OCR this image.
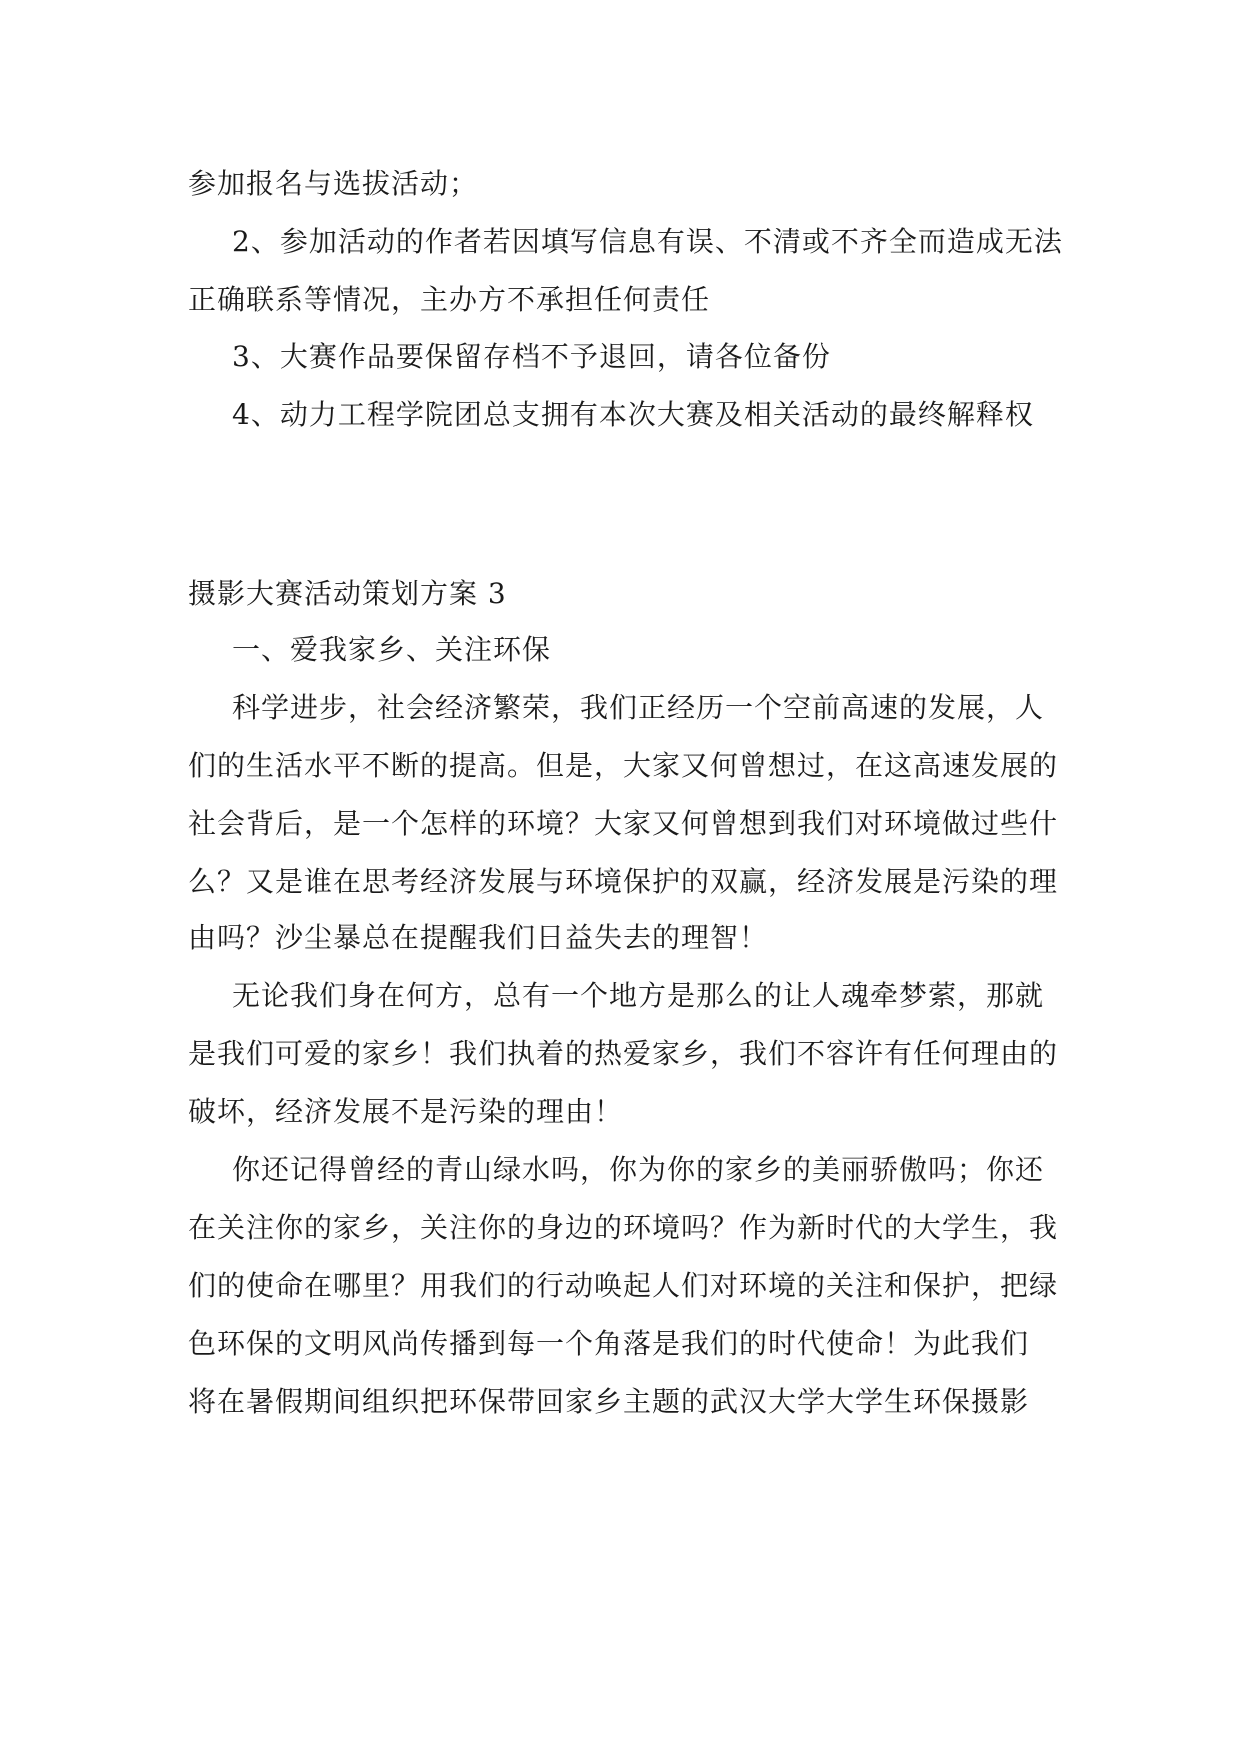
参加报名与选拔活动；
2、参加活动的作者若因填写信息有误、不清或不齐全而造成无法
正确联系等情况，主办方不承担任何责任
3、大赛作品要保留存档不予退回，请各位备份
4、动力工程学院团总支拥有本次大赛及相关活动的最终解释权
摄影大赛活动策划方案 3
一、爱我家乡、关注环保
科学进步，社会经济繁荣，我们正经历一个空前高速的发展，人
们的生活水平不断的提高。但是，大家又何曾想过，在这高速发展的
社会背后，是一个怎样的环境？大家又何曾想到我们对环境做过些什
么？又是谁在思考经济发展与环境保护的双赢，经济发展是污染的理
由吗？沙尘暴总在提醒我们日益失去的理智！
无论我们身在何方，总有一个地方是那么的让人魂牵梦萦，那就
是我们可爱的家乡！我们执着的热爱家乡，我们不容许有任何理由的
破坏，经济发展不是污染的理由！
你还记得曾经的青山绿水吗，你为你的家乡的美丽骄傲吗；你还
在关注你的家乡，关注你的身边的环境吗？作为新时代的大学生，我
们的使命在哪里？用我们的行动唤起人们对环境的关注和保护，把绿
色环保的文明风尚传播到每一个角落是我们的时代使命！为此我们
将在暑假期间组织把环保带回家乡主题的武汉大学大学生环保摄影
